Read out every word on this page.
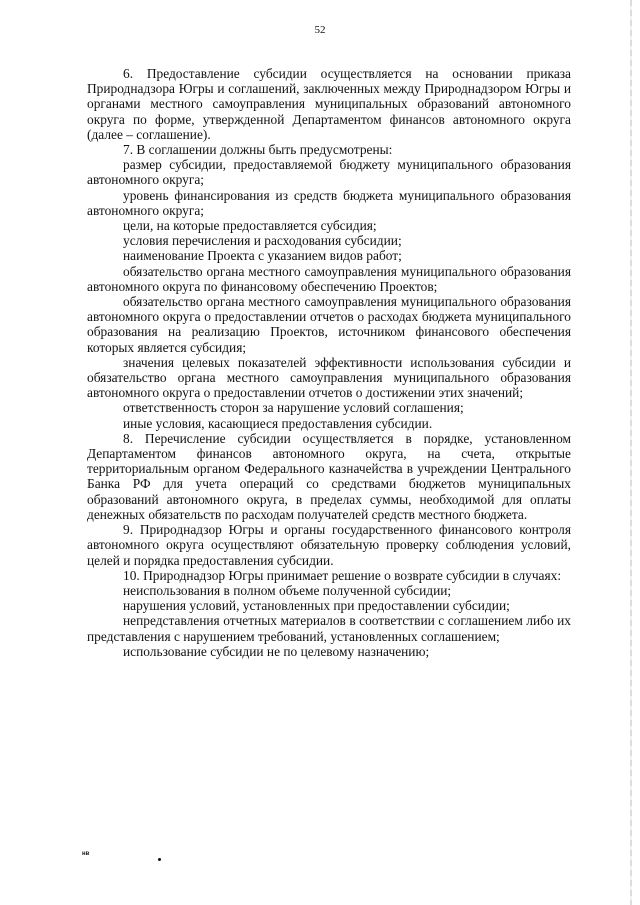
52

6. Предоставление субсидии осуществляется на основании приказа Природнадзора Югры и соглашений, заключенных между Природнадзором Югры и органами местного самоуправления муниципальных образований автономного округа по форме, утвержденной Департаментом финансов автономного округа (далее – соглашение).

7. В соглашении должны быть предусмотрены:

размер субсидии, предоставляемой бюджету муниципального образования автономного округа;

уровень финансирования из средств бюджета муниципального образования автономного округа;

цели, на которые предоставляется субсидия;

условия перечисления и расходования субсидии;

наименование Проекта с указанием видов работ;

обязательство органа местного самоуправления муниципального образования автономного округа по финансовому обеспечению Проектов;

обязательство органа местного самоуправления муниципального образования автономного округа о предоставлении отчетов о расходах бюджета муниципального образования на реализацию Проектов, источником финансового обеспечения которых является субсидия;

значения целевых показателей эффективности использования субсидии и обязательство органа местного самоуправления муниципального образования автономного округа о предоставлении отчетов о достижении этих значений;

ответственность сторон за нарушение условий соглашения;

иные условия, касающиеся предоставления субсидии.

8. Перечисление субсидии осуществляется в порядке, установленном Департаментом финансов автономного округа, на счета, открытые территориальным органом Федерального казначейства в учреждении Центрального Банка РФ для учета операций со средствами бюджетов муниципальных образований автономного округа, в пределах суммы, необходимой для оплаты денежных обязательств по расходам получателей средств местного бюджета.

9. Природнадзор Югры и органы государственного финансового контроля автономного округа осуществляют обязательную проверку соблюдения условий, целей и порядка предоставления субсидии.

10. Природнадзор Югры принимает решение о возврате субсидии в случаях:

неиспользования в полном объеме полученной субсидии;

нарушения условий, установленных при предоставлении субсидии;

непредставления отчетных материалов в соответствии с соглашением либо их представления с нарушением требований, установленных соглашением;

использование субсидии не по целевому назначению;

нв
